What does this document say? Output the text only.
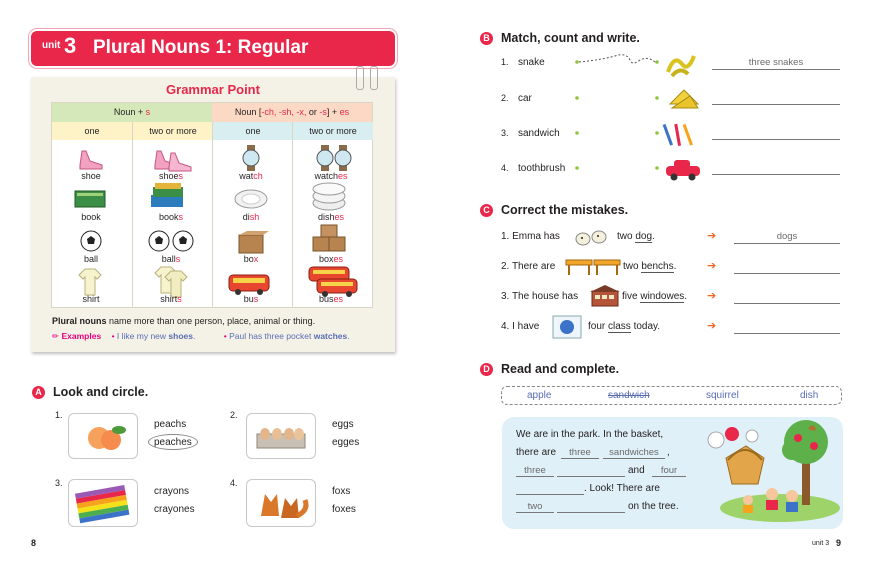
unit 3 Plural Nouns 1: Regular
Grammar Point
Noun + s	Noun [-ch, -sh, -x, or -s] + es
one	two or more	one	two or more
shoe	shoes	watch	watches
book	books	dish	dishes
ball	balls	box	boxes
shirt	shirts	bus	buses
Plural nouns name more than one person, place, animal or thing.
✏ Examples • I like my new shoes.	• Paul has three pocket watches.
A Look and circle.
1.
peachs
peaches
2.
eggs
egges
3.
crayons
crayones
4.
foxs
foxes
8
B Match, count and write.
1. snake
2. car
3. sandwich
4. toothbrush
three snakes
C Correct the mistakes.
1. Emma has	two dog.
2. There are	two benchs.
3. The house has	five windowes.
4. I have	four class today.
➔
➔
➔
➔
dogs
D Read and complete.
apple	sandwich	squirrel	dish
We are in the park. In the basket,
there are	three	sandwiches ,
three	and	four
. Look! There are
two	on the tree.
unit 3 9
